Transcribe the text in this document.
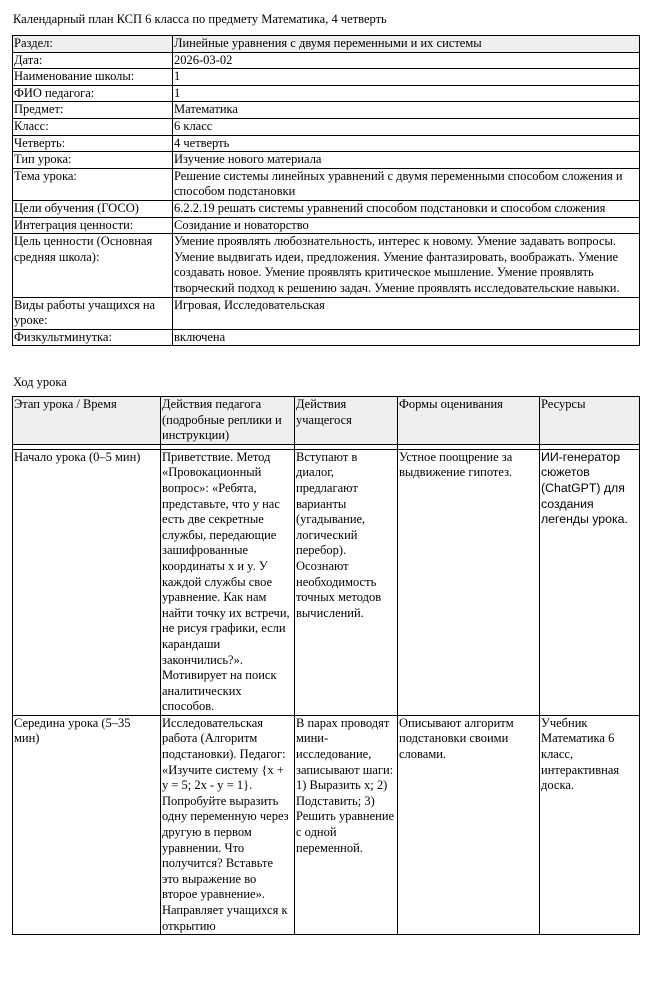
Календарный план КСП 6 класса по предмету Математика, 4 четверть
Раздел:	Линейные уравнения с двумя переменными и их системы
Дата:	2026-03-02
Наименование школы:	1
ФИО педагога:	1
Предмет:	Математика
Класс:	6 класс
Четверть:	4 четверть
Тип урока:	Изучение нового материала
Тема урока:	Решение системы линейных уравнений с двумя переменными способом сложения и способом подстановки
Цели обучения (ГОСО)	6.2.2.19 решать системы уравнений способом подстановки и способом сложения
Интеграция ценности:	Созидание и новаторство
Цель ценности (Основная средняя школа):	Умение проявлять любознательность, интерес к новому. Умение задавать вопросы. Умение выдвигать идеи, предложения. Умение фантазировать, воображать. Умение создавать новое. Умение проявлять критическое мышление. Умение проявлять творческий подход к решению задач. Умение проявлять исследовательские навыки.
Виды работы учащихся на уроке:	Игровая, Исследовательская
Физкультминутка:	включена
Ход урока
Этап урока / Время	Действия педагога (подробные реплики и инструкции)	Действия учащегося	Формы оценивания	Ресурсы

Начало урока (0–5 мин)	Приветствие. Метод «Провокационный вопрос»: «Ребята, представьте, что у нас есть две секретные службы, передающие зашифрованные координаты x и y. У каждой службы свое уравнение. Как нам найти точку их встречи, не рисуя графики, если карандаши закончились?». Мотивирует на поиск аналитических способов.	Вступают в диалог, предлагают варианты (угадывание, логический перебор). Осознают необходимость точных методов вычислений.	Устное поощрение за выдвижение гипотез.	ИИ-генератор сюжетов (ChatGPT) для создания легенды урока.
Середина урока (5–35 мин)	Исследовательская работа (Алгоритм подстановки). Педагог: «Изучите систему {x + y = 5; 2x - y = 1}. Попробуйте выразить одну переменную через другую в первом уравнении. Что получится? Вставьте это выражение во второе уравнение». Направляет учащихся к открытию	В парах проводят мини-исследование, записывают шаги: 1) Выразить x; 2) Подставить; 3) Решить уравнение с одной переменной.	Описывают алгоритм подстановки своими словами.	Учебник Математика 6 класс, интерактивная доска.
